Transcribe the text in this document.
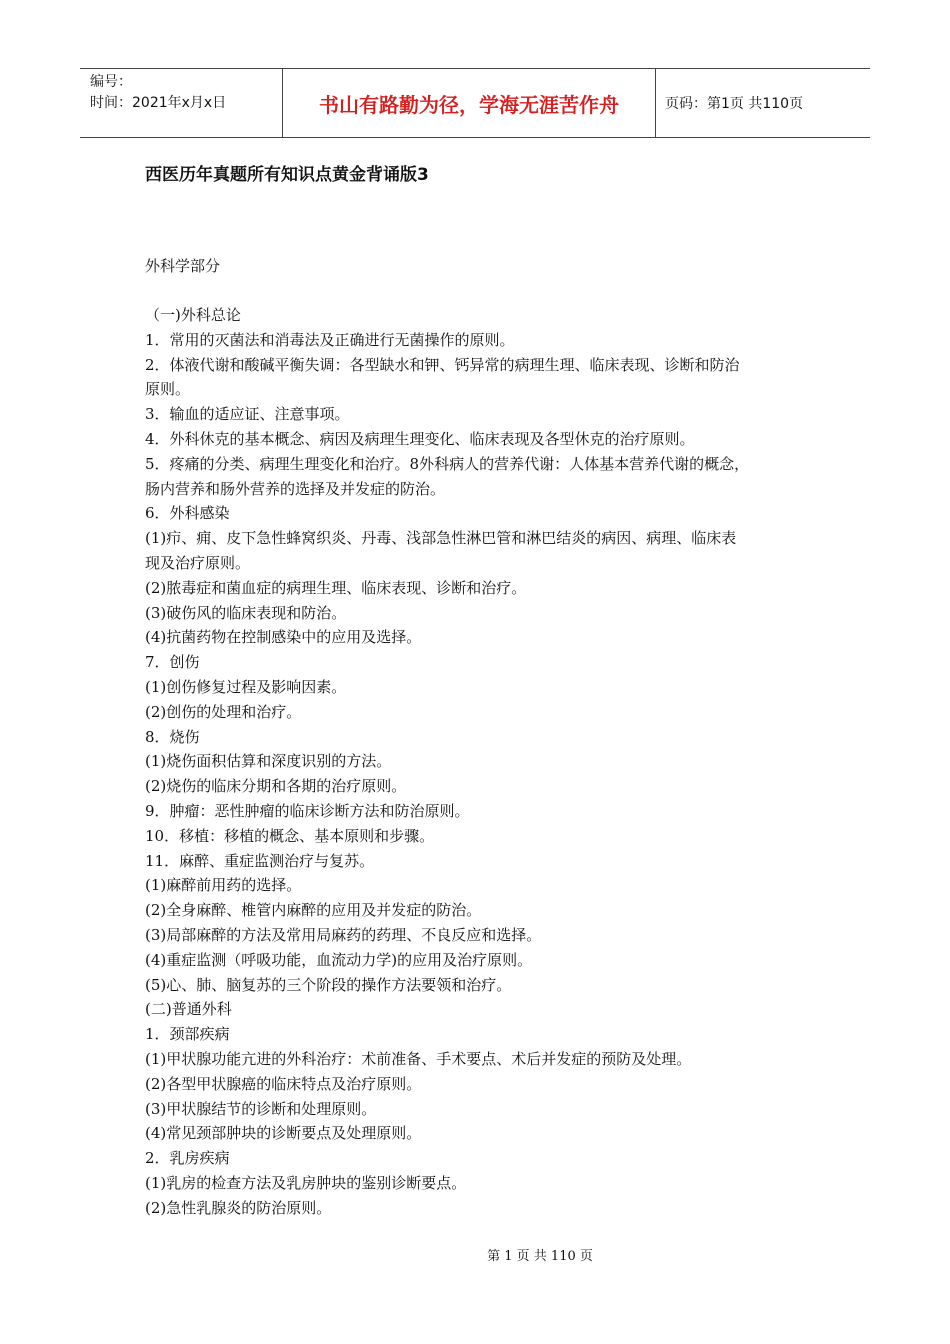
编号：
时间：2021年x月x日	书山有路勤为径，学海无涯苦作舟	页码：第1页 共110页
西医历年真题所有知识点黄金背诵版3
外科学部分
（一)外科总论
1．常用的灭菌法和消毒法及正确进行无菌操作的原则。
2．体液代谢和酸碱平衡失调：各型缺水和钾、钙异常的病理生理、临床表现、诊断和防治
原则。
3．输血的适应证、注意事项。
4．外科休克的基本概念、病因及病理生理变化、临床表现及各型休克的治疗原则。
5．疼痛的分类、病理生理变化和治疗。8外科病人的营养代谢：人体基本营养代谢的概念，
肠内营养和肠外营养的选择及并发症的防治。
6．外科感染
(1)疖、痈、皮下急性蜂窝织炎、丹毒、浅部急性淋巴管和淋巴结炎的病因、病理、临床表
现及治疗原则。
(2)脓毒症和菌血症的病理生理、临床表现、诊断和治疗。
(3)破伤风的临床表现和防治。
(4)抗菌药物在控制感染中的应用及选择。
7．创伤
(1)创伤修复过程及影响因素。
(2)创伤的处理和治疗。
8．烧伤
(1)烧伤面积估算和深度识别的方法。
(2)烧伤的临床分期和各期的治疗原则。
9．肿瘤：恶性肿瘤的临床诊断方法和防治原则。
10．移植：移植的概念、基本原则和步骤。
11．麻醉、重症监测治疗与复苏。
(1)麻醉前用药的选择。
(2)全身麻醉、椎管内麻醉的应用及并发症的防治。
(3)局部麻醉的方法及常用局麻药的药理、不良反应和选择。
(4)重症监测（呼吸功能，血流动力学)的应用及治疗原则。
(5)心、肺、脑复苏的三个阶段的操作方法要领和治疗。
(二)普通外科
1．颈部疾病
(1)甲状腺功能亢进的外科治疗：术前准备、手术要点、术后并发症的预防及处理。
(2)各型甲状腺癌的临床特点及治疗原则。
(3)甲状腺结节的诊断和处理原则。
(4)常见颈部肿块的诊断要点及处理原则。
2．乳房疾病
(1)乳房的检查方法及乳房肿块的鉴别诊断要点。
(2)急性乳腺炎的防治原则。
第 1 页 共 110 页
